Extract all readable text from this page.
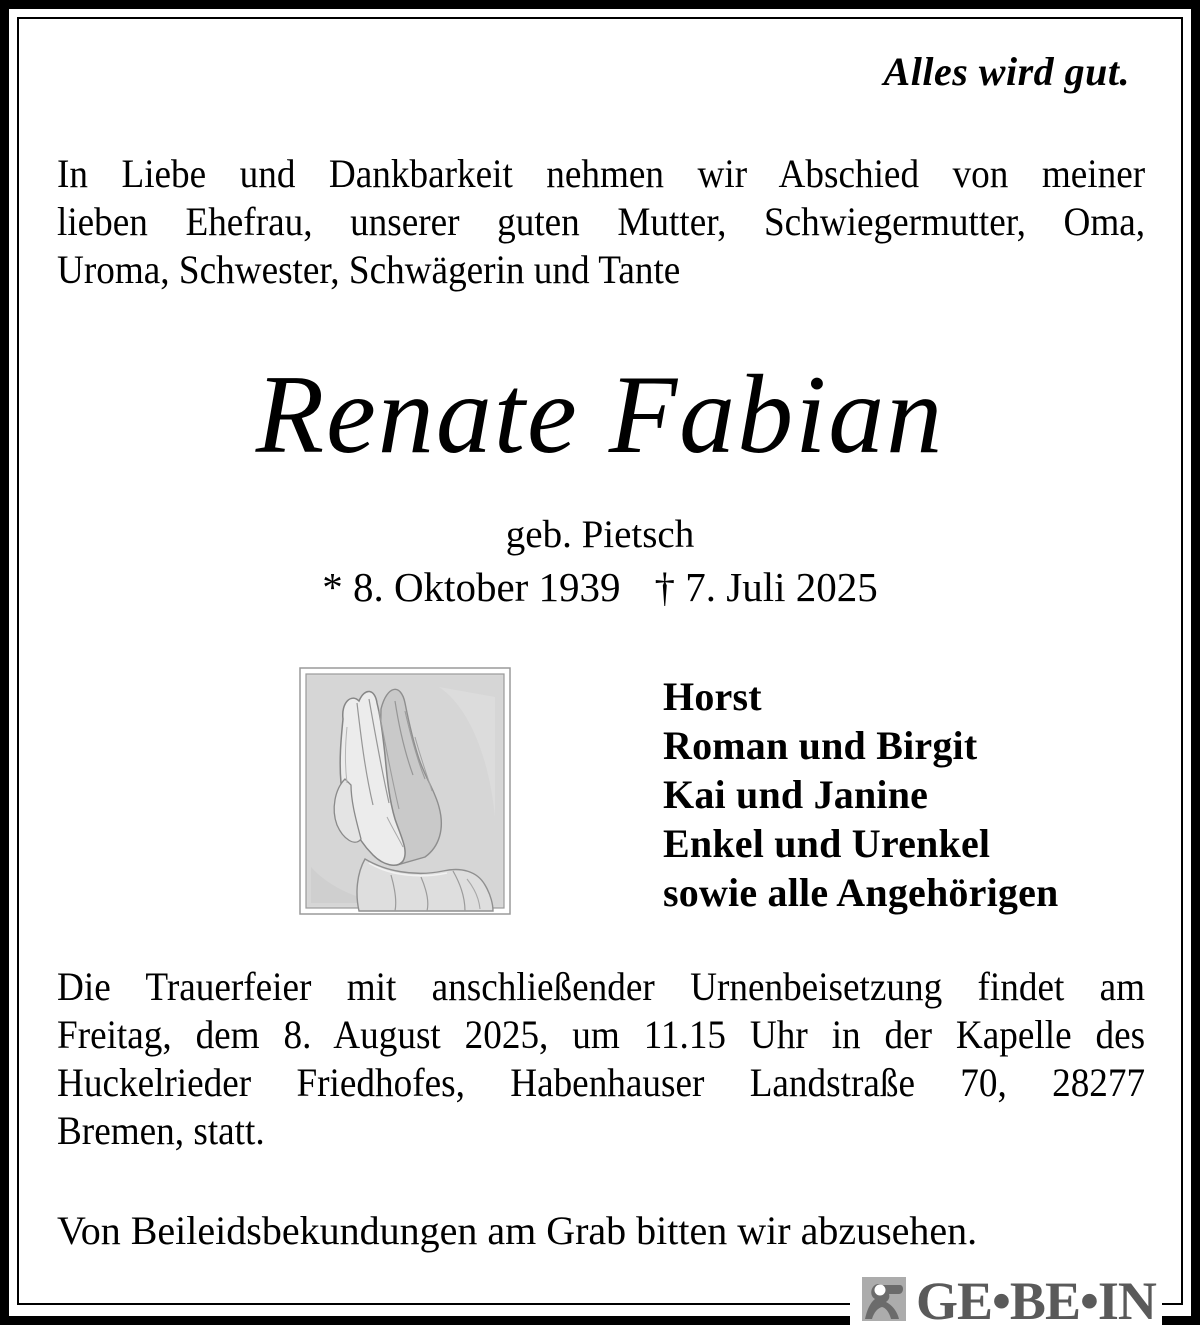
Alles wird gut.
In Liebe und Dankbarkeit nehmen wir Abschied von meiner
lieben Ehefrau, unserer guten Mutter, Schwiegermutter, Oma,
Uroma, Schwester, Schwägerin und Tante
Renate Fabian
geb. Pietsch
* 8. Oktober 1939 † 7. Juli 2025
Horst
Roman und Birgit
Kai und Janine
Enkel und Urenkel
sowie alle Angehörigen
Die Trauerfeier mit anschließender Urnenbeisetzung findet am
Freitag, dem 8. August 2025, um 11.15 Uhr in der Kapelle des
Huckelrieder Friedhofes, Habenhauser Landstraße 70, 28277
Bremen, statt.
Von Beileidsbekundungen am Grab bitten wir abzusehen.
GE•BE•IN
